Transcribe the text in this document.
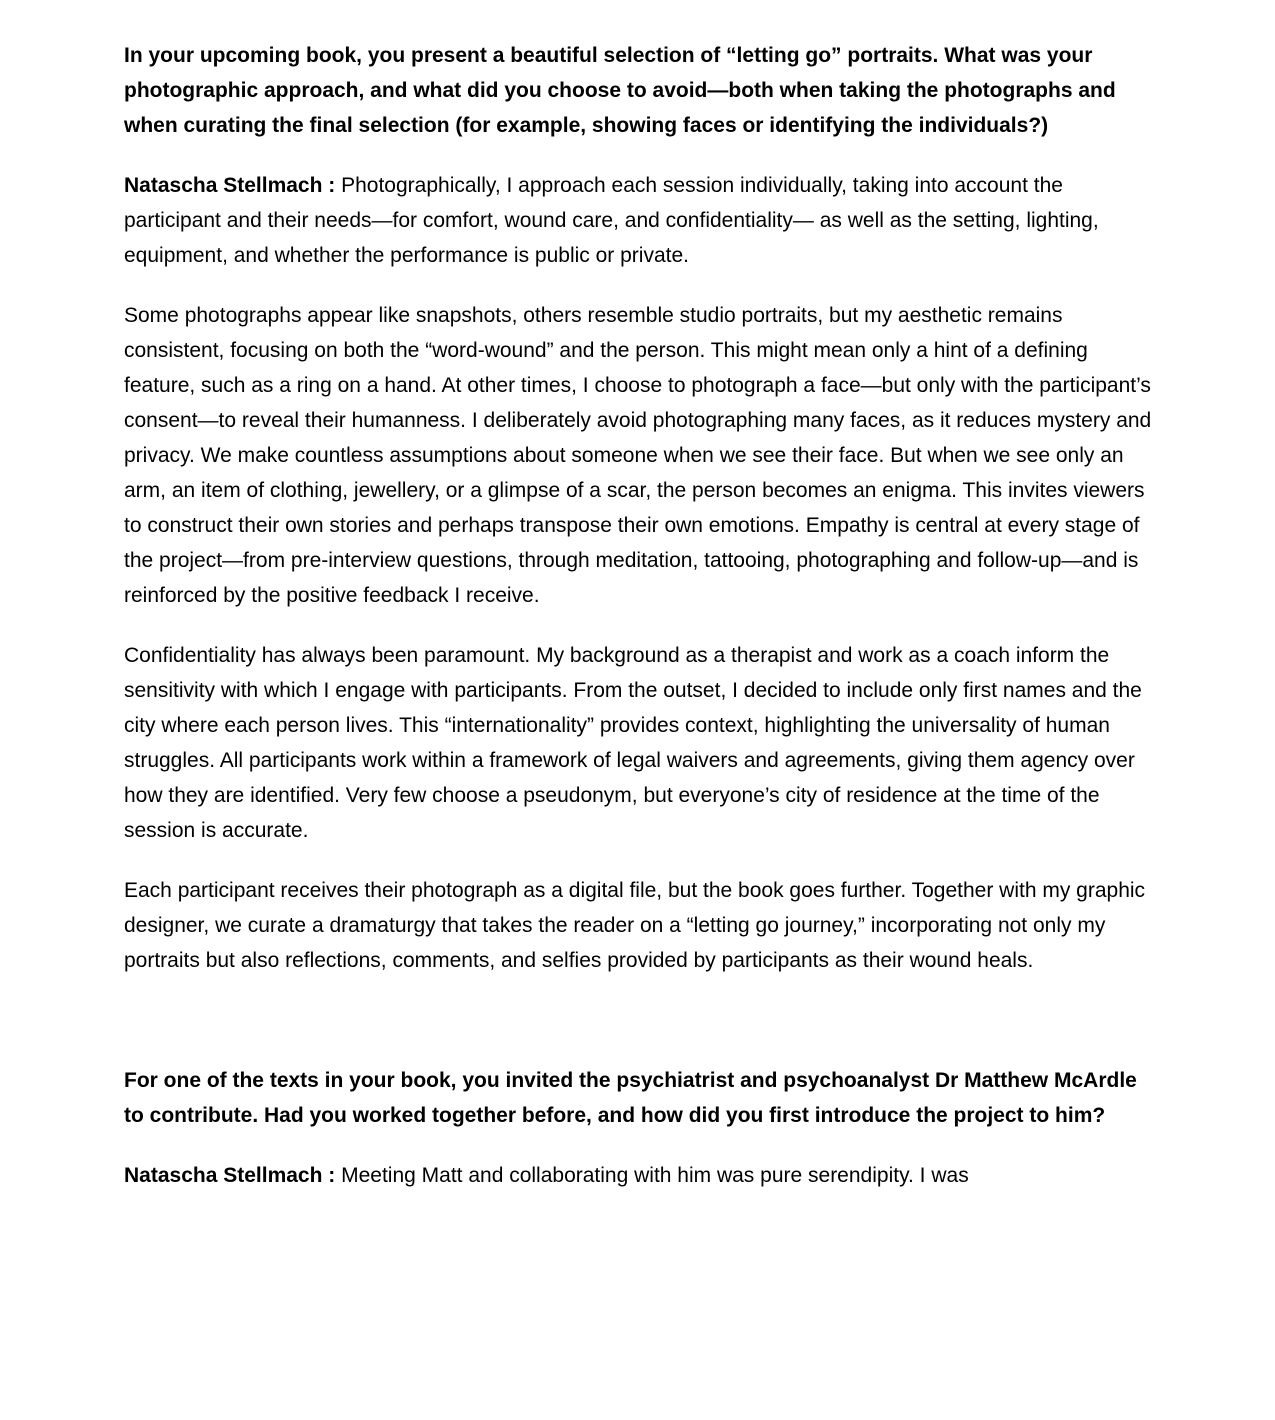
In your upcoming book, you present a beautiful selection of “letting go” portraits. What was your photographic approach, and what did you choose to avoid—both when taking the photographs and when curating the final selection (for example, showing faces or identifying the individuals?)

Natascha Stellmach : Photographically, I approach each session individually, taking into account the participant and their needs—for comfort, wound care, and confidentiality— as well as the setting, lighting, equipment, and whether the performance is public or private.

Some photographs appear like snapshots, others resemble studio portraits, but my aesthetic remains consistent, focusing on both the “word-wound” and the person. This might mean only a hint of a defining feature, such as a ring on a hand. At other times, I choose to photograph a face—but only with the participant’s consent—to reveal their humanness. I deliberately avoid photographing many faces, as it reduces mystery and privacy. We make countless assumptions about someone when we see their face. But when we see only an arm, an item of clothing, jewellery, or a glimpse of a scar, the person becomes an enigma. This invites viewers to construct their own stories and perhaps transpose their own emotions. Empathy is central at every stage of the project—from pre-interview questions, through meditation, tattooing, photographing and follow-up—and is reinforced by the positive feedback I receive.

Confidentiality has always been paramount. My background as a therapist and work as a coach inform the sensitivity with which I engage with participants. From the outset, I decided to include only first names and the city where each person lives. This “internationality” provides context, highlighting the universality of human struggles. All participants work within a framework of legal waivers and agreements, giving them agency over how they are identified. Very few choose a pseudonym, but everyone’s city of residence at the time of the session is accurate.

Each participant receives their photograph as a digital file, but the book goes further. Together with my graphic designer, we curate a dramaturgy that takes the reader on a “letting go journey,” incorporating not only my portraits but also reflections, comments, and selfies provided by participants as their wound heals.

For one of the texts in your book, you invited the psychiatrist and psychoanalyst Dr Matthew McArdle to contribute. Had you worked together before, and how did you first introduce the project to him?

Natascha Stellmach : Meeting Matt and collaborating with him was pure serendipity. I was
